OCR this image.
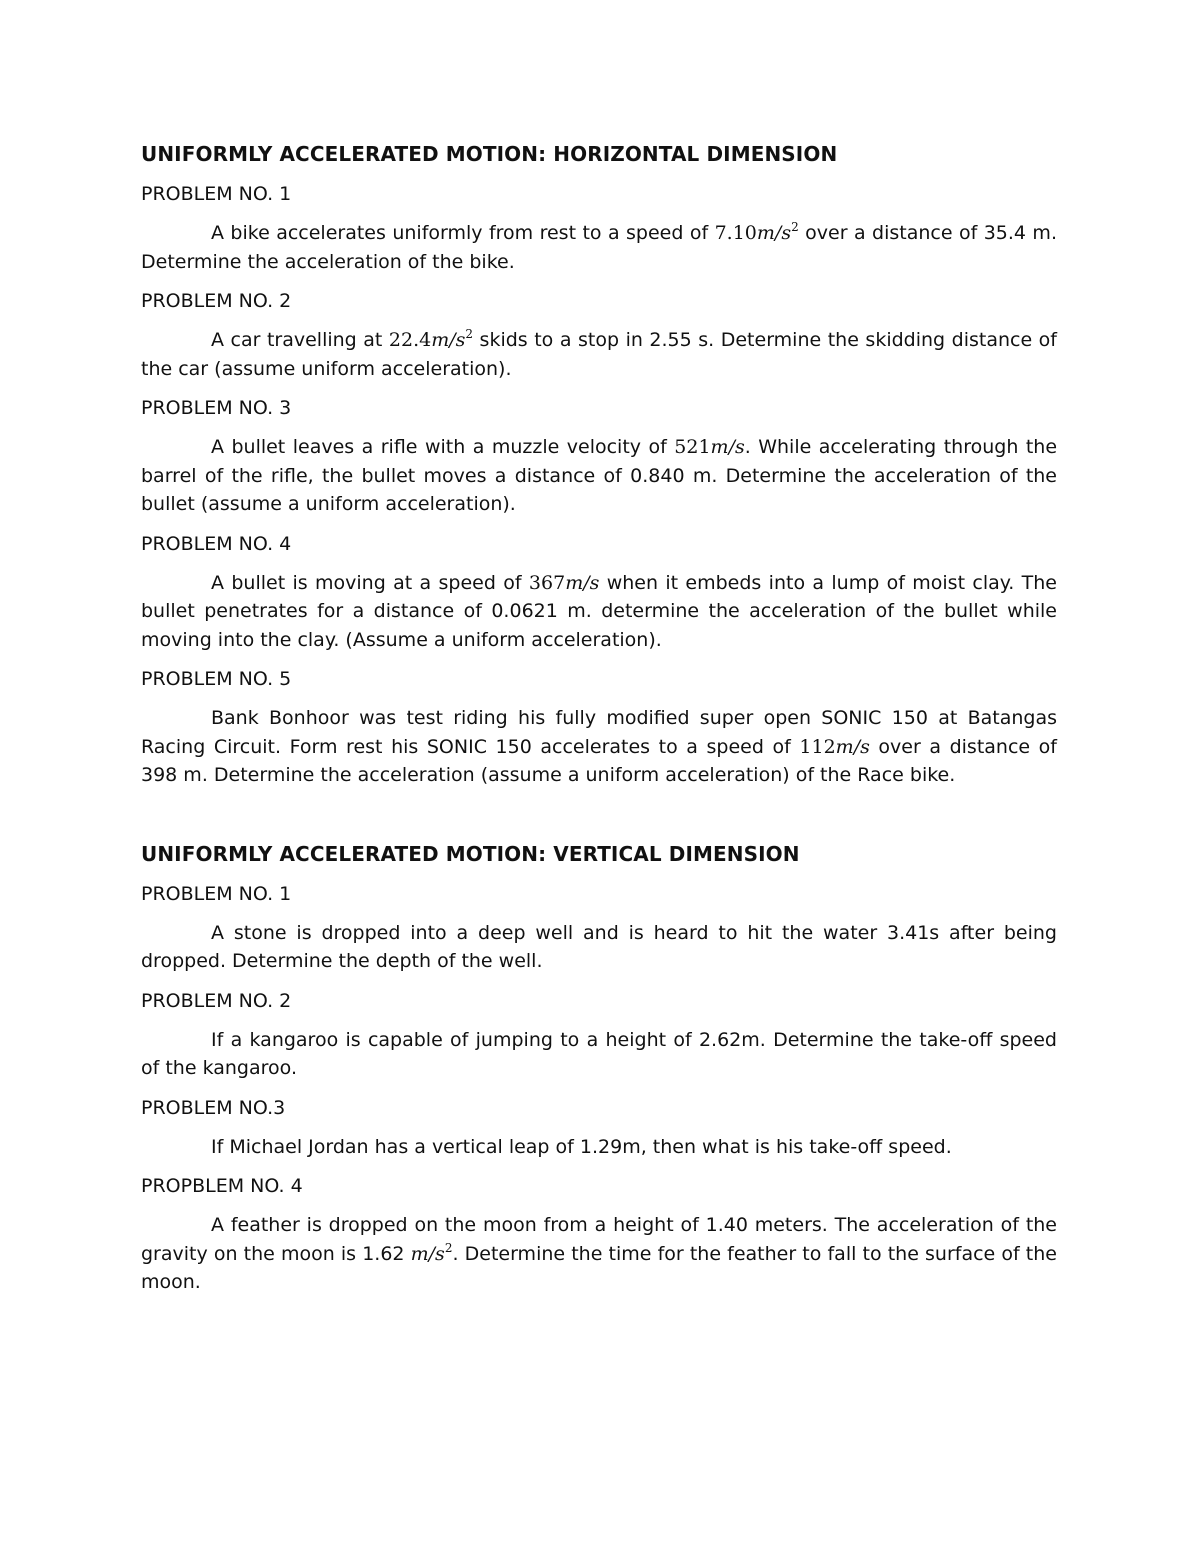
UNIFORMLY ACCELERATED MOTION: HORIZONTAL DIMENSION
PROBLEM NO. 1

A bike accelerates uniformly from rest to a speed of $7.10m/s^2$ over a distance of 35.4 m. Determine the acceleration of the bike.

PROBLEM NO. 2

A car travelling at $22.4m/s^2$ skids to a stop in 2.55 s. Determine the skidding distance of the car (assume uniform acceleration).

PROBLEM NO. 3

A bullet leaves a rifle with a muzzle velocity of 521m/s. While accelerating through the barrel of the rifle, the bullet moves a distance of 0.840 m. Determine the acceleration of the bullet (assume a uniform acceleration).

PROBLEM NO. 4

A bullet is moving at a speed of 367m/s when it embeds into a lump of moist clay. The bullet penetrates for a distance of 0.0621 m. determine the acceleration of the bullet while moving into the clay. (Assume a uniform acceleration).

PROBLEM NO. 5

Bank Bonhoor was test riding his fully modified super open SONIC 150 at Batangas Racing Circuit. Form rest his SONIC 150 accelerates to a speed of 112m/s over a distance of 398 m. Determine the acceleration (assume a uniform acceleration) of the Race bike.

UNIFORMLY ACCELERATED MOTION: VERTICAL DIMENSION
PROBLEM NO. 1

A stone is dropped into a deep well and is heard to hit the water 3.41s after being dropped. Determine the depth of the well.

PROBLEM NO. 2

If a kangaroo is capable of jumping to a height of 2.62m. Determine the take-off speed of the kangaroo.

PROBLEM NO.3

If Michael Jordan has a vertical leap of 1.29m, then what is his take-off speed.

PROPBLEM NO. 4

A feather is dropped on the moon from a height of 1.40 meters. The acceleration of the gravity on the moon is 1.62 $m/s^2$. Determine the time for the feather to fall to the surface of the moon.
